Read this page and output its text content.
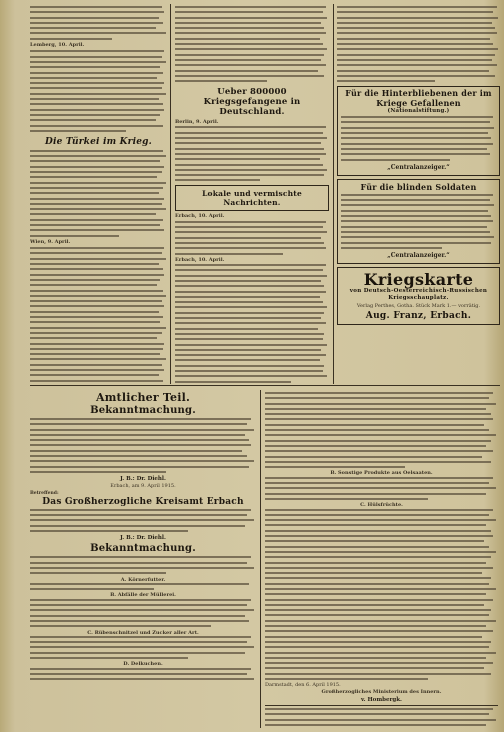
Lemberg, 10. April.
Die Türkei im Krieg.
Wien, 9. April.
Ueber 800000 Kriegsgefangene in Deutschland.
Berlin, 9. April.
Lokale und vermischte Nachrichten.
Erbach, 10. April.
Erbach, 10. April.
Für die Hinterbliebenen der im Kriege Gefallenen
(Nationalstiftung.)
„Centralanzeiger.“
Für die blinden Soldaten
„Centralanzeiger.“
Kriegskarte
von Deutsch-Oesterreichisch-Russischen Kriegsschauplatz.
Verlag Perthes, Gotha. Stück Mark 1.— vorrätig.
Aug. Franz, Erbach.
Amtlicher Teil.
Bekanntmachung.
J. B.: Dr. Diehl.
Erbach, am 9. April 1915.
Betreffend:
Das Großherzogliche Kreisamt Erbach
J. B.: Dr. Diehl.
Bekanntmachung.
A. Körnerfutter.
B. Abfälle der Müllerei.
C. Rübenschnitzel und Zucker aller Art.
D. Delkuchen.
B. Sonstige Produkte aus Oelsaaten.
C. Hülsfrüchte.
Darmstadt, den 6. April 1915.
Großherzogliches Ministerium des Innern.
v. Hombergk.
